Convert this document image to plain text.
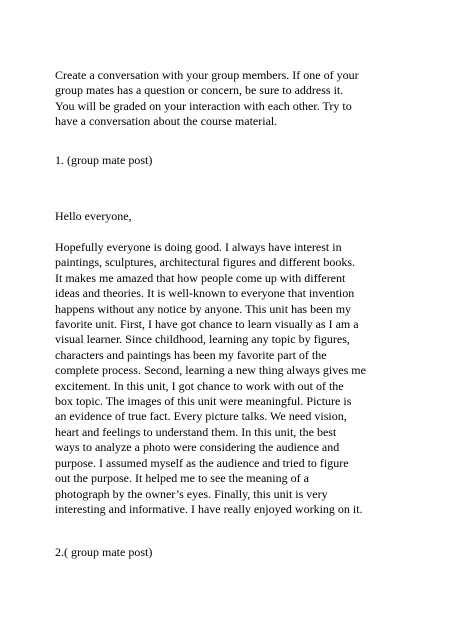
Create a conversation with your group members. If one of your
group mates has a question or concern, be sure to address it.
You will be graded on your interaction with each other. Try to
have a conversation about the course material.
1. (group mate post)
Hello everyone,
Hopefully everyone is doing good. I always have interest in
paintings, sculptures, architectural figures and different books.
It makes me amazed that how people come up with different
ideas and theories. It is well-known to everyone that invention
happens without any notice by anyone. This unit has been my
favorite unit. First, I have got chance to learn visually as I am a
visual learner. Since childhood, learning any topic by figures,
characters and paintings has been my favorite part of the
complete process. Second, learning a new thing always gives me
excitement. In this unit, I got chance to work with out of the
box topic. The images of this unit were meaningful. Picture is
an evidence of true fact. Every picture talks. We need vision,
heart and feelings to understand them. In this unit, the best
ways to analyze a photo were considering the audience and
purpose. I assumed myself as the audience and tried to figure
out the purpose. It helped me to see the meaning of a
photograph by the owner’s eyes. Finally, this unit is very
interesting and informative. I have really enjoyed working on it.
2.( group mate post)
